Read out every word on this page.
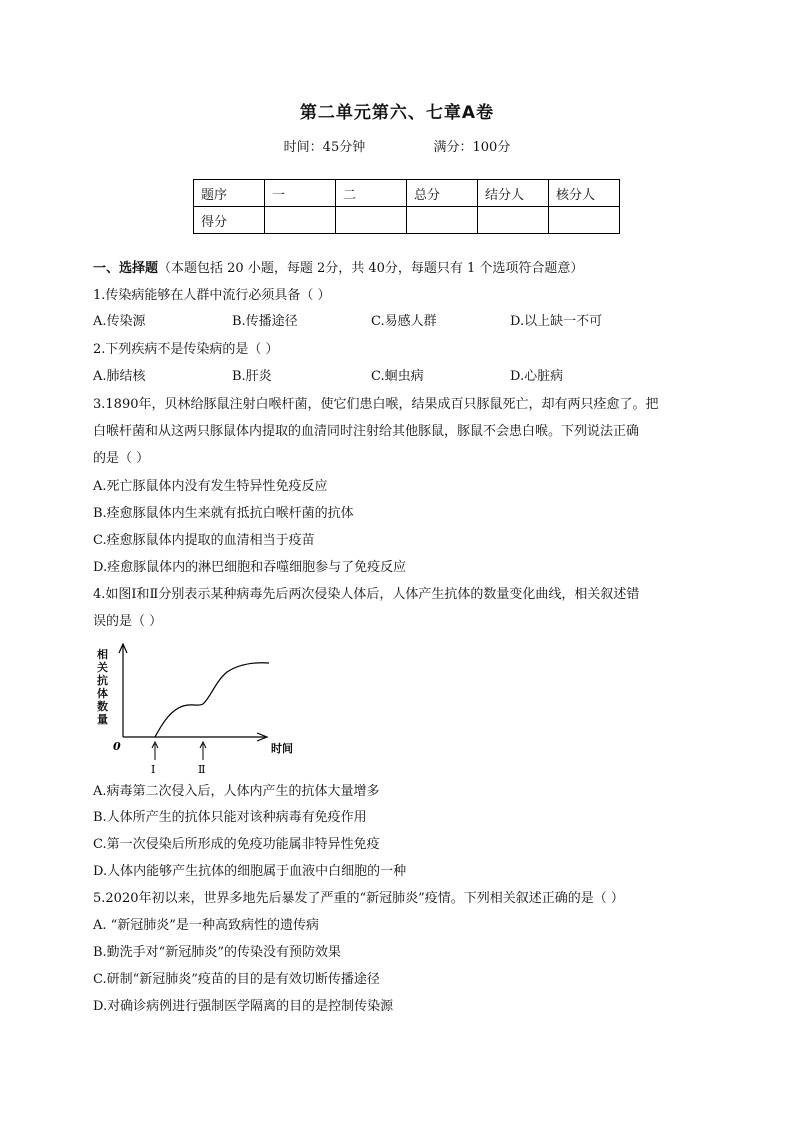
第二单元第六、七章A卷
时间：45分钟	满分：100分
题序	一	二	总分	结分人	核分人
得分					
一、选择题（本题包括 20 小题，每题 2分，共 40分，每题只有 1 个选项符合题意）
1.传染病能够在人群中流行必须具备（ ）
A.传染源	B.传播途径	C.易感人群	D.以上缺一不可
2.下列疾病不是传染病的是（ ）
A.肺结核	B.肝炎	C.蛔虫病	D.心脏病
3.1890年，贝林给豚鼠注射白喉杆菌，使它们患白喉，结果成百只豚鼠死亡，却有两只痊愈了。把
白喉杆菌和从这两只豚鼠体内提取的血清同时注射给其他豚鼠，豚鼠不会患白喉。下列说法正确
的是（ ）
A.死亡豚鼠体内没有发生特异性免疫反应
B.痊愈豚鼠体内生来就有抵抗白喉杆菌的抗体
C.痊愈豚鼠体内提取的血清相当于疫苗
D.痊愈豚鼠体内的淋巴细胞和吞噬细胞参与了免疫反应
4.如图Ⅰ和Ⅱ分别表示某种病毒先后两次侵染人体后，人体产生抗体的数量变化曲线，相关叙述错
误的是（ ）
相
关
抗
体
数
量
0	时间
Ⅰ	Ⅱ
A.病毒第二次侵入后，人体内产生的抗体大量增多
B.人体所产生的抗体只能对该种病毒有免疫作用
C.第一次侵染后所形成的免疫功能属非特异性免疫
D.人体内能够产生抗体的细胞属于血液中白细胞的一种
5.2020年初以来，世界多地先后暴发了严重的“新冠肺炎”疫情。下列相关叙述正确的是（ ）
A. “新冠肺炎”是一种高致病性的遗传病
B.勤洗手对“新冠肺炎”的传染没有预防效果
C.研制“新冠肺炎”疫苗的目的是有效切断传播途径
D.对确诊病例进行强制医学隔离的目的是控制传染源
